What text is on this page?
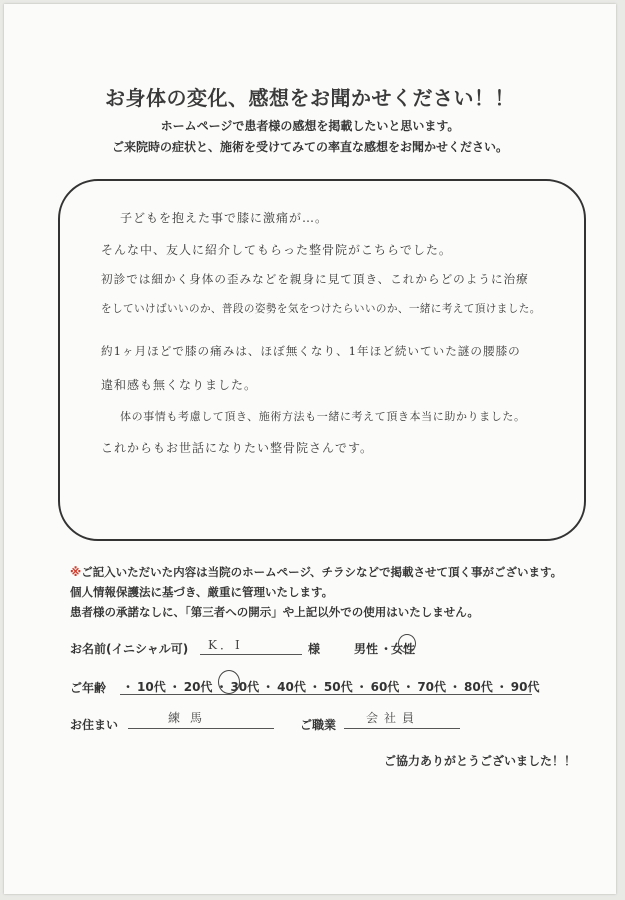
お身体の変化、感想をお聞かせください！！
ホームページで患者様の感想を掲載したいと思います。
ご来院時の症状と、施術を受けてみての率直な感想をお聞かせください。
子どもを抱えた事で膝に激痛が…。
そんな中、友人に紹介してもらった整骨院がこちらでした。
初診では細かく身体の歪みなどを親身に見て頂き、これからどのように治療
をしていけばいいのか、普段の姿勢を気をつけたらいいのか、一緒に考えて頂けました。
約1ヶ月ほどで膝の痛みは、ほぼ無くなり、1年ほど続いていた謎の腰膝の
違和感も無くなりました。
体の事情も考慮して頂き、施術方法も一緒に考えて頂き本当に助かりました。
これからもお世話になりたい整骨院さんです。
※ご記入いただいた内容は当院のホームページ、チラシなどで掲載させて頂く事がございます。
個人情報保護法に基づき、厳重に管理いたします。
患者様の承諾なしに、「第三者への開示」や上記以外での使用はいたしません。
お名前(イニシャル可) K．I	様	男性 ・
女性
ご年齢 ・ 10代 ・ 20代 ・ 30代 ・ 40代 ・ 50代 ・ 60代 ・ 70代 ・ 80代 ・ 90代
お住まい	練馬	ご職業 会社員
ご協力ありがとうございました！！
